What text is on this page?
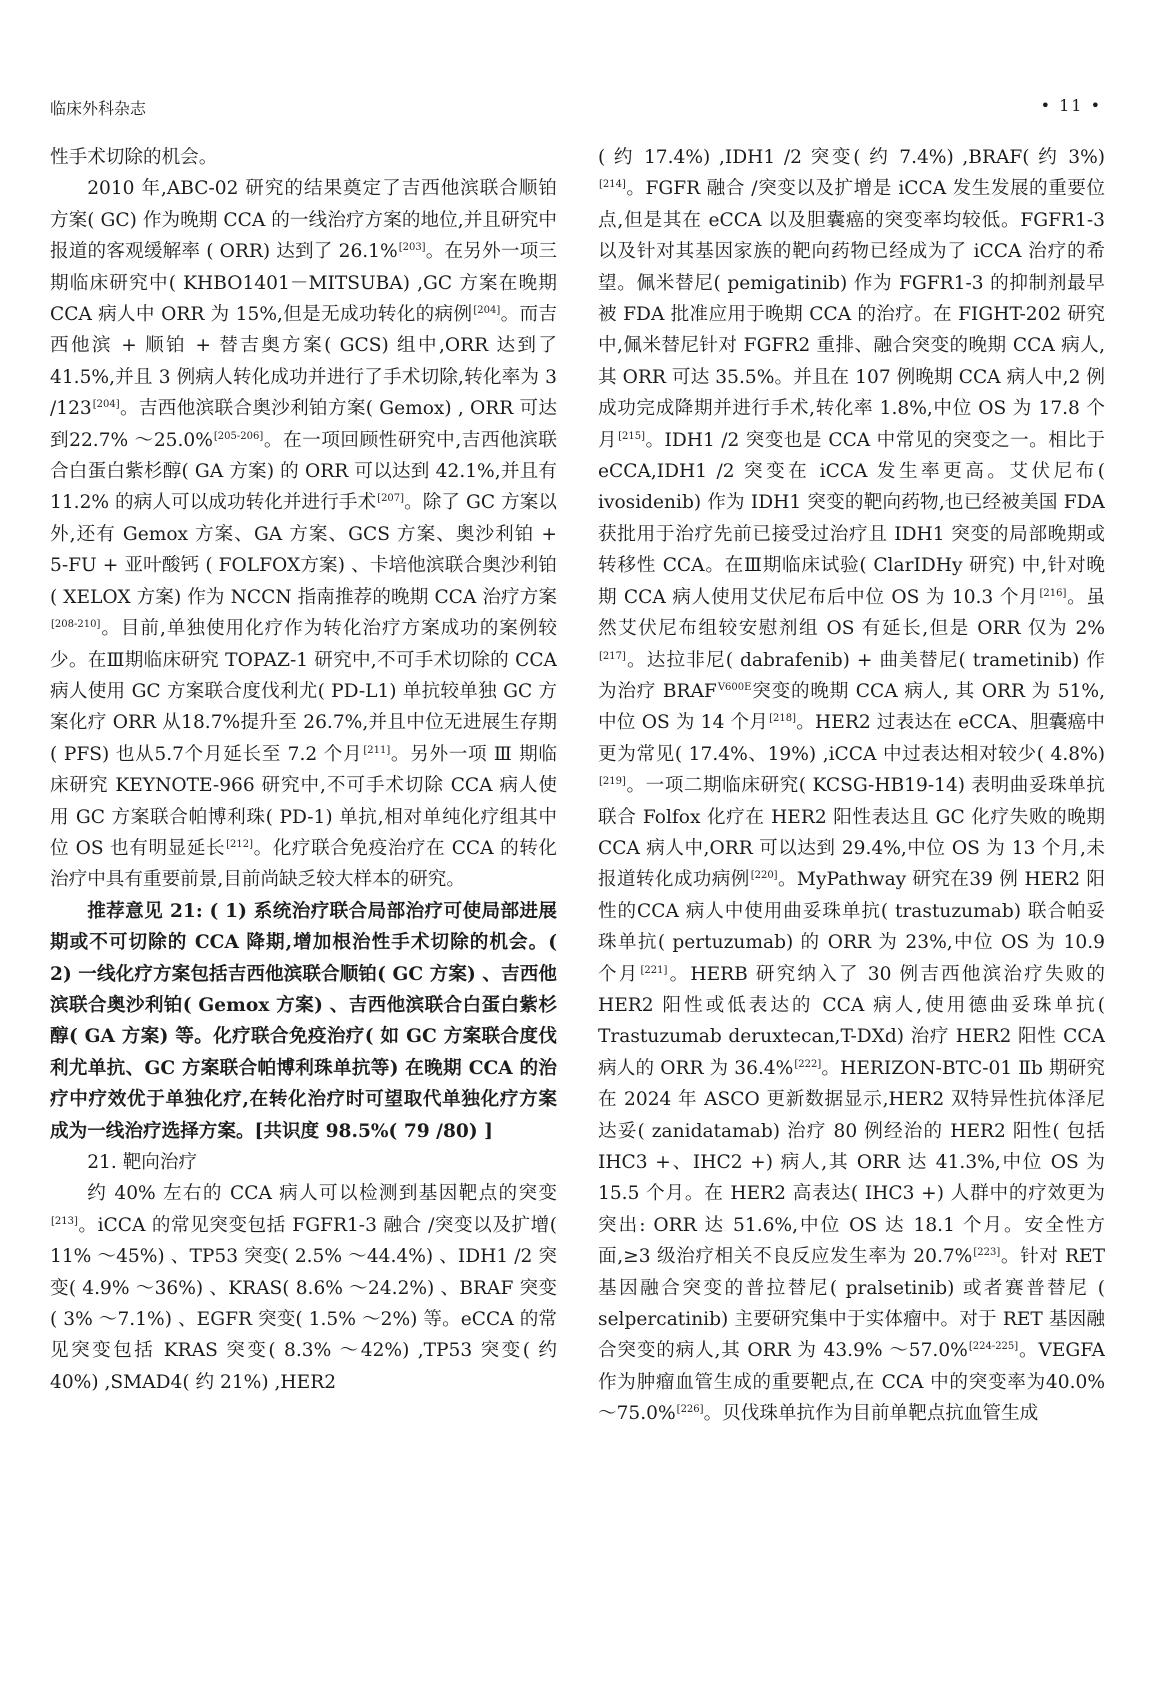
临床外科杂志	• 11 •

性手术切除的机会。

2010 年,ABC-02 研究的结果奠定了吉西他滨联合顺铂方案( GC) 作为晚期 CCA 的一线治疗方案的地位,并且研究中报道的客观缓解率 ( ORR) 达到了 26.1%[203]。在另外一项三期临床研究中( KHBO1401－MITSUBA) ,GC 方案在晚期 CCA 病人中 ORR 为 15%,但是无成功转化的病例[204]。而吉西他滨 + 顺铂 + 替吉奥方案( GCS) 组中,ORR 达到了41.5%,并且 3 例病人转化成功并进行了手术切除,转化率为 3 /123[204]。吉西他滨联合奥沙利铂方案( Gemox) , ORR 可达到22.7% ～25.0%[205-206]。在一项回顾性研究中,吉西他滨联合白蛋白紫杉醇( GA 方案) 的 ORR 可以达到 42.1%,并且有 11.2% 的病人可以成功转化并进行手术[207]。除了 GC 方案以外,还有 Gemox 方案、GA 方案、GCS 方案、奥沙利铂 + 5-FU + 亚叶酸钙 ( FOLFOX方案) 、卡培他滨联合奥沙利铂( XELOX 方案) 作为 NCCN 指南推荐的晚期 CCA 治疗方案[208-210]。目前,单独使用化疗作为转化治疗方案成功的案例较少。在Ⅲ期临床研究 TOPAZ-1 研究中,不可手术切除的 CCA 病人使用 GC 方案联合度伐利尤( PD-L1) 单抗较单独 GC 方案化疗 ORR 从18.7%提升至 26.7%,并且中位无进展生存期( PFS) 也从5.7个月延长至 7.2 个月[211]。另外一项 Ⅲ 期临床研究 KEYNOTE-966 研究中,不可手术切除 CCA 病人使用 GC 方案联合帕博利珠( PD-1) 单抗,相对单纯化疗组其中位 OS 也有明显延长[212]。化疗联合免疫治疗在 CCA 的转化治疗中具有重要前景,目前尚缺乏较大样本的研究。

推荐意见 21: ( 1) 系统治疗联合局部治疗可使局部进展期或不可切除的 CCA 降期,增加根治性手术切除的机会。( 2) 一线化疗方案包括吉西他滨联合顺铂( GC 方案) 、吉西他滨联合奥沙利铂( Gemox 方案) 、吉西他滨联合白蛋白紫杉醇( GA 方案) 等。化疗联合免疫治疗( 如 GC 方案联合度伐利尤单抗、GC 方案联合帕博利珠单抗等) 在晚期 CCA 的治疗中疗效优于单独化疗,在转化治疗时可望取代单独化疗方案成为一线治疗选择方案。[共识度 98.5%( 79 /80) ]

21. 靶向治疗

约 40% 左右的 CCA 病人可以检测到基因靶点的突变[213]。iCCA 的常见突变包括 FGFR1-3 融合 /突变以及扩增( 11% ～45%) 、TP53 突变( 2.5% ～44.4%) 、IDH1 /2 突变( 4.9% ～36%) 、KRAS( 8.6% ～24.2%) 、BRAF 突变( 3% ～7.1%) 、EGFR 突变( 1.5% ～2%) 等。eCCA 的常见突变包括 KRAS 突变( 8.3% ～42%) ,TP53 突变( 约 40%) ,SMAD4( 约 21%) ,HER2

( 约 17.4%) ,IDH1 /2 突变( 约 7.4%) ,BRAF( 约 3%)[214]。FGFR 融合 /突变以及扩增是 iCCA 发生发展的重要位点,但是其在 eCCA 以及胆囊癌的突变率均较低。FGFR1-3 以及针对其基因家族的靶向药物已经成为了 iCCA 治疗的希望。佩米替尼( pemigatinib) 作为 FGFR1-3 的抑制剂最早被 FDA 批准应用于晚期 CCA 的治疗。在 FIGHT-202 研究中,佩米替尼针对 FGFR2 重排、融合突变的晚期 CCA 病人,其 ORR 可达 35.5%。并且在 107 例晚期 CCA 病人中,2 例成功完成降期并进行手术,转化率 1.8%,中位 OS 为 17.8 个月[215]。IDH1 /2 突变也是 CCA 中常见的突变之一。相比于 eCCA,IDH1 /2 突变在 iCCA 发生率更高。艾伏尼布( ivosidenib) 作为 IDH1 突变的靶向药物,也已经被美国 FDA 获批用于治疗先前已接受过治疗且 IDH1 突变的局部晚期或转移性 CCA。在Ⅲ期临床试验( ClarIDHy 研究) 中,针对晚期 CCA 病人使用艾伏尼布后中位 OS 为 10.3 个月[216]。虽然艾伏尼布组较安慰剂组 OS 有延长,但是 ORR 仅为 2%[217]。达拉非尼( dabrafenib) + 曲美替尼( trametinib) 作为治疗 $BRAF^{V600E}$突变的晚期 CCA 病人, 其 ORR 为 51%,中位 OS 为 14 个月[218]。HER2 过表达在 eCCA、胆囊癌中更为常见( 17.4%、19%) ,iCCA 中过表达相对较少( 4.8%)[219]。一项二期临床研究( KCSG-HB19-14) 表明曲妥珠单抗联合 Folfox 化疗在 HER2 阳性表达且 GC 化疗失败的晚期 CCA 病人中,ORR 可以达到 29.4%,中位 OS 为 13 个月,未报道转化成功病例[220]。MyPathway 研究在39 例 HER2 阳性的CCA 病人中使用曲妥珠单抗( trastuzumab) 联合帕妥珠单抗( pertuzumab) 的 ORR 为 23%,中位 OS 为 10.9 个月[221]。HERB 研究纳入了 30 例吉西他滨治疗失败的 HER2 阳性或低表达的 CCA 病人,使用德曲妥珠单抗( Trastuzumab deruxtecan,T-DXd) 治疗 HER2 阳性 CCA 病人的 ORR 为 36.4%[222]。HERIZON-BTC-01 Ⅱb 期研究在 2024 年 ASCO 更新数据显示,HER2 双特异性抗体泽尼达妥( zanidatamab) 治疗 80 例经治的 HER2 阳性( 包括 IHC3 +、IHC2 +) 病人,其 ORR 达 41.3%,中位 OS 为 15.5 个月。在 HER2 高表达( IHC3 +) 人群中的疗效更为突出: ORR 达 51.6%,中位 OS 达 18.1 个月。安全性方面,≥3 级治疗相关不良反应发生率为 20.7%[223]。针对 RET 基因融合突变的普拉替尼( pralsetinib) 或者赛普替尼 ( selpercatinib) 主要研究集中于实体瘤中。对于 RET 基因融合突变的病人,其 ORR 为 43.9% ～57.0%[224-225]。VEGFA作为肿瘤血管生成的重要靶点,在 CCA 中的突变率为40.0% ～75.0%[226]。贝伐珠单抗作为目前单靶点抗血管生成
